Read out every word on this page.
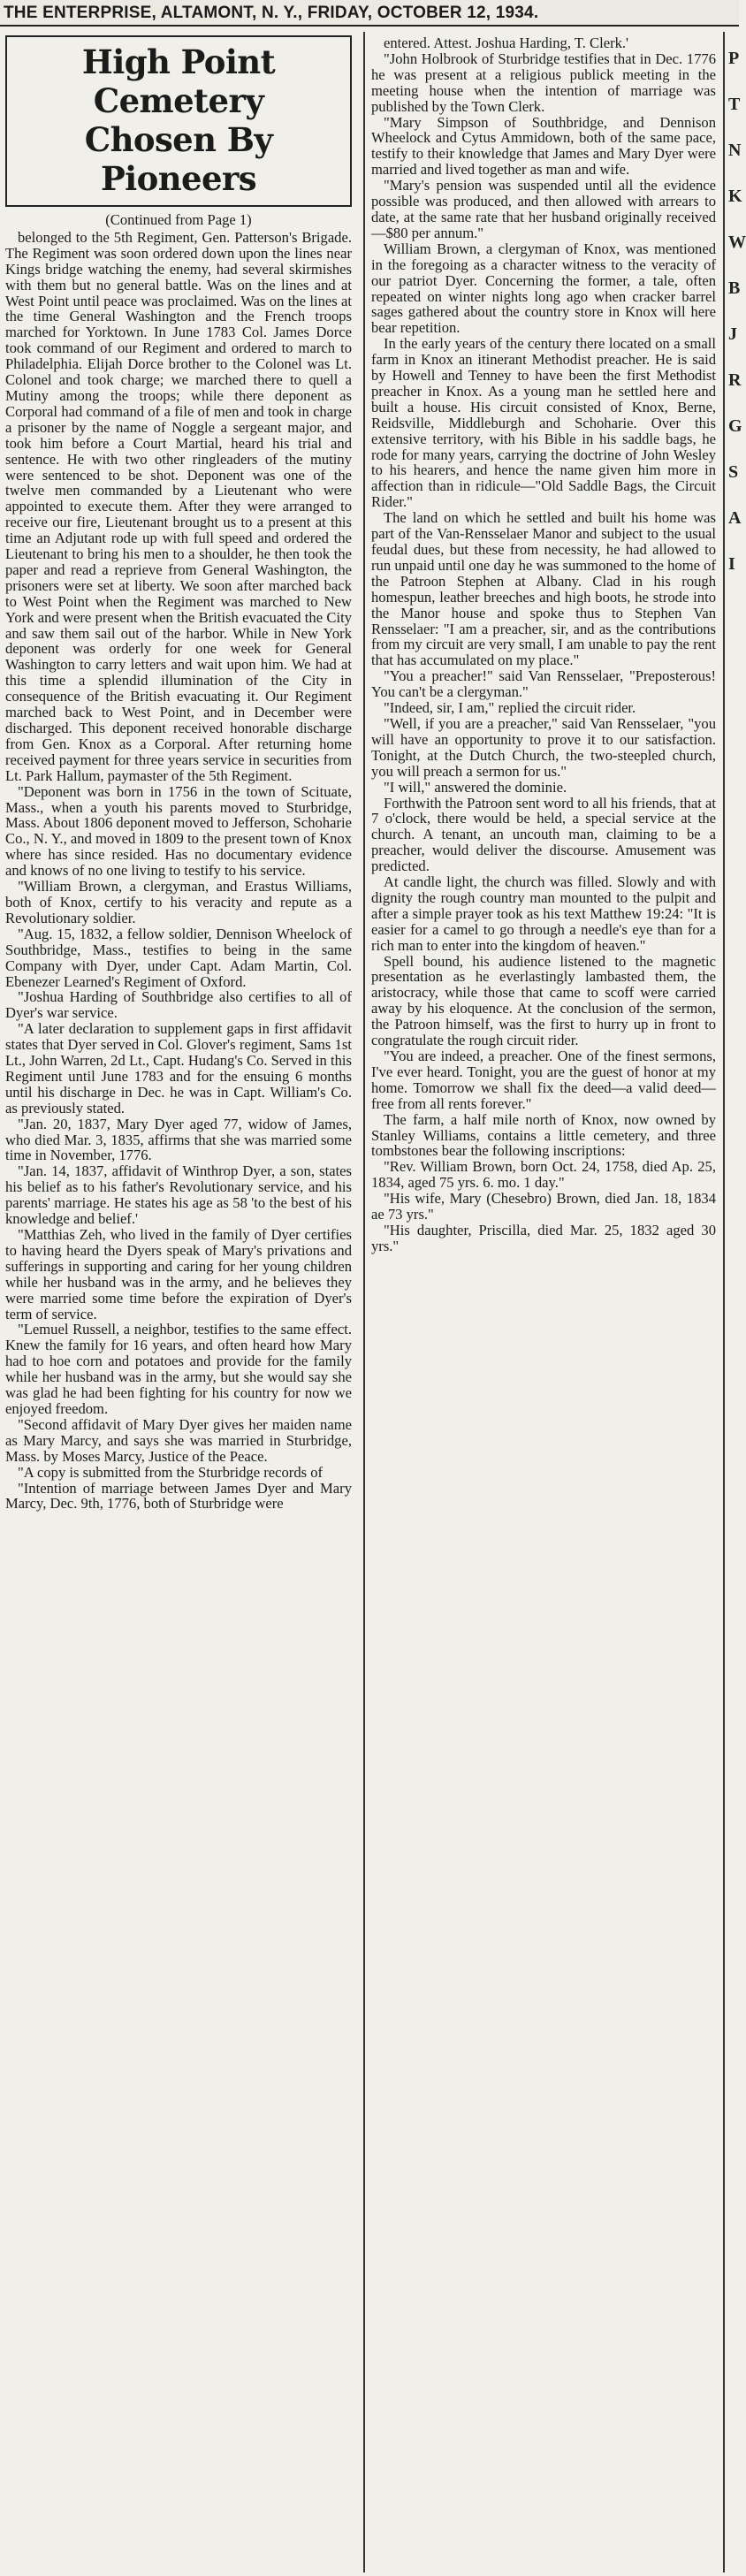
THE ENTERPRISE, ALTAMONT, N. Y., FRIDAY, OCTOBER 12, 1934.
High Point Cemetery
Chosen By Pioneers

(Continued from Page 1)

belonged to the 5th Regiment, Gen. Patterson's Brigade. The Regiment was soon ordered down upon the lines near Kings bridge watching the enemy, had several skirmishes with them but no general battle. Was on the lines and at West Point until peace was proclaimed. Was on the lines at the time General Washington and the French troops marched for Yorktown. In June 1783 Col. James Dorce took command of our Regiment and ordered to march to Philadelphia. Elijah Dorce brother to the Colonel was Lt. Colonel and took charge; we marched there to quell a Mutiny among the troops; while there deponent as Corporal had command of a file of men and took in charge a prisoner by the name of Noggle a sergeant major, and took him before a Court Martial, heard his trial and sentence. He with two other ringleaders of the mutiny were sentenced to be shot. Deponent was one of the twelve men commanded by a Lieutenant who were appointed to execute them. After they were arranged to receive our fire, Lieutenant brought us to a present at this time an Adjutant rode up with full speed and ordered the Lieutenant to bring his men to a shoulder, he then took the paper and read a reprieve from General Washington, the prisoners were set at liberty. We soon after marched back to West Point when the Regiment was marched to New York and were present when the British evacuated the City and saw them sail out of the harbor. While in New York deponent was orderly for one week for General Washington to carry letters and wait upon him. We had at this time a splendid illumination of the City in consequence of the British evacuating it. Our Regiment marched back to West Point, and in December were discharged. This deponent received honorable discharge from Gen. Knox as a Corporal. After returning home received payment for three years service in securities from Lt. Park Hallum, paymaster of the 5th Regiment.

"Deponent was born in 1756 in the town of Scituate, Mass., when a youth his parents moved to Sturbridge, Mass. About 1806 deponent moved to Jefferson, Schoharie Co., N. Y., and moved in 1809 to the present town of Knox where has since resided. Has no documentary evidence and knows of no one living to testify to his service.

"William Brown, a clergyman, and Erastus Williams, both of Knox, certify to his veracity and repute as a Revolutionary soldier.

"Aug. 15, 1832, a fellow soldier, Dennison Wheelock of Southbridge, Mass., testifies to being in the same Company with Dyer, under Capt. Adam Martin, Col. Ebenezer Learned's Regiment of Oxford.

"Joshua Harding of Southbridge also certifies to all of Dyer's war service.

"A later declaration to supplement gaps in first affidavit states that Dyer served in Col. Glover's regiment, Sams 1st Lt., John Warren, 2d Lt., Capt. Hudang's Co. Served in this Regiment until June 1783 and for the ensuing 6 months until his discharge in Dec. he was in Capt. William's Co. as previously stated.

"Jan. 20, 1837, Mary Dyer aged 77, widow of James, who died Mar. 3, 1835, affirms that she was married some time in November, 1776.

"Jan. 14, 1837, affidavit of Winthrop Dyer, a son, states his belief as to his father's Revolutionary service, and his parents' marriage. He states his age as 58 'to the best of his knowledge and belief.'

"Matthias Zeh, who lived in the family of Dyer certifies to having heard the Dyers speak of Mary's privations and sufferings in supporting and caring for her young children while her husband was in the army, and he believes they were married some time before the expiration of Dyer's term of service.

"Lemuel Russell, a neighbor, testifies to the same effect. Knew the family for 16 years, and often heard how Mary had to hoe corn and potatoes and provide for the family while her husband was in the army, but she would say she was glad he had been fighting for his country for now we enjoyed freedom.

"Second affidavit of Mary Dyer gives her maiden name as Mary Marcy, and says she was married in Sturbridge, Mass. by Moses Marcy, Justice of the Peace.

"A copy is submitted from the Sturbridge records of

"Intention of marriage between James Dyer and Mary Marcy, Dec. 9th, 1776, both of Sturbridge were

entered. Attest. Joshua Harding, T. Clerk.'

"John Holbrook of Sturbridge testifies that in Dec. 1776 he was present at a religious publick meeting in the meeting house when the intention of marriage was published by the Town Clerk.

"Mary Simpson of Southbridge, and Dennison Wheelock and Cytus Ammidown, both of the same pace, testify to their knowledge that James and Mary Dyer were married and lived together as man and wife.

"Mary's pension was suspended until all the evidence possible was produced, and then allowed with arrears to date, at the same rate that her husband originally received—$80 per annum."

William Brown, a clergyman of Knox, was mentioned in the foregoing as a character witness to the veracity of our patriot Dyer. Concerning the former, a tale, often repeated on winter nights long ago when cracker barrel sages gathered about the country store in Knox will here bear repetition.

In the early years of the century there located on a small farm in Knox an itinerant Methodist preacher. He is said by Howell and Tenney to have been the first Methodist preacher in Knox. As a young man he settled here and built a house. His circuit consisted of Knox, Berne, Reidsville, Middleburgh and Schoharie. Over this extensive territory, with his Bible in his saddle bags, he rode for many years, carrying the doctrine of John Wesley to his hearers, and hence the name given him more in affection than in ridicule—"Old Saddle Bags, the Circuit Rider."

The land on which he settled and built his home was part of the Van-Rensselaer Manor and subject to the usual feudal dues, but these from necessity, he had allowed to run unpaid until one day he was summoned to the home of the Patroon Stephen at Albany. Clad in his rough homespun, leather breeches and high boots, he strode into the Manor house and spoke thus to Stephen Van Rensselaer: "I am a preacher, sir, and as the contributions from my circuit are very small, I am unable to pay the rent that has accumulated on my place."

"You a preacher!" said Van Rensselaer, "Preposterous! You can't be a clergyman."

"Indeed, sir, I am," replied the circuit rider.

"Well, if you are a preacher," said Van Rensselaer, "you will have an opportunity to prove it to our satisfaction. Tonight, at the Dutch Church, the two-steepled church, you will preach a sermon for us."

"I will," answered the dominie.

Forthwith the Patroon sent word to all his friends, that at 7 o'clock, there would be held, a special service at the church. A tenant, an uncouth man, claiming to be a preacher, would deliver the discourse. Amusement was predicted.

At candle light, the church was filled. Slowly and with dignity the rough country man mounted to the pulpit and after a simple prayer took as his text Matthew 19:24: "It is easier for a camel to go through a needle's eye than for a rich man to enter into the kingdom of heaven."

Spell bound, his audience listened to the magnetic presentation as he everlastingly lambasted them, the aristocracy, while those that came to scoff were carried away by his eloquence. At the conclusion of the sermon, the Patroon himself, was the first to hurry up in front to congratulate the rough circuit rider.

"You are indeed, a preacher. One of the finest sermons, I've ever heard. Tonight, you are the guest of honor at my home. Tomorrow we shall fix the deed—a valid deed—free from all rents forever."

The farm, a half mile north of Knox, now owned by Stanley Williams, contains a little cemetery, and three tombstones bear the following inscriptions:

"Rev. William Brown, born Oct. 24, 1758, died Ap. 25, 1834, aged 75 yrs. 6. mo. 1 day."

"His wife, Mary (Chesebro) Brown, died Jan. 18, 1834 ae 73 yrs."

"His daughter, Priscilla, died Mar. 25, 1832 aged 30 yrs."

P
T
N
K
W
B
J
R
G
S
A
I
